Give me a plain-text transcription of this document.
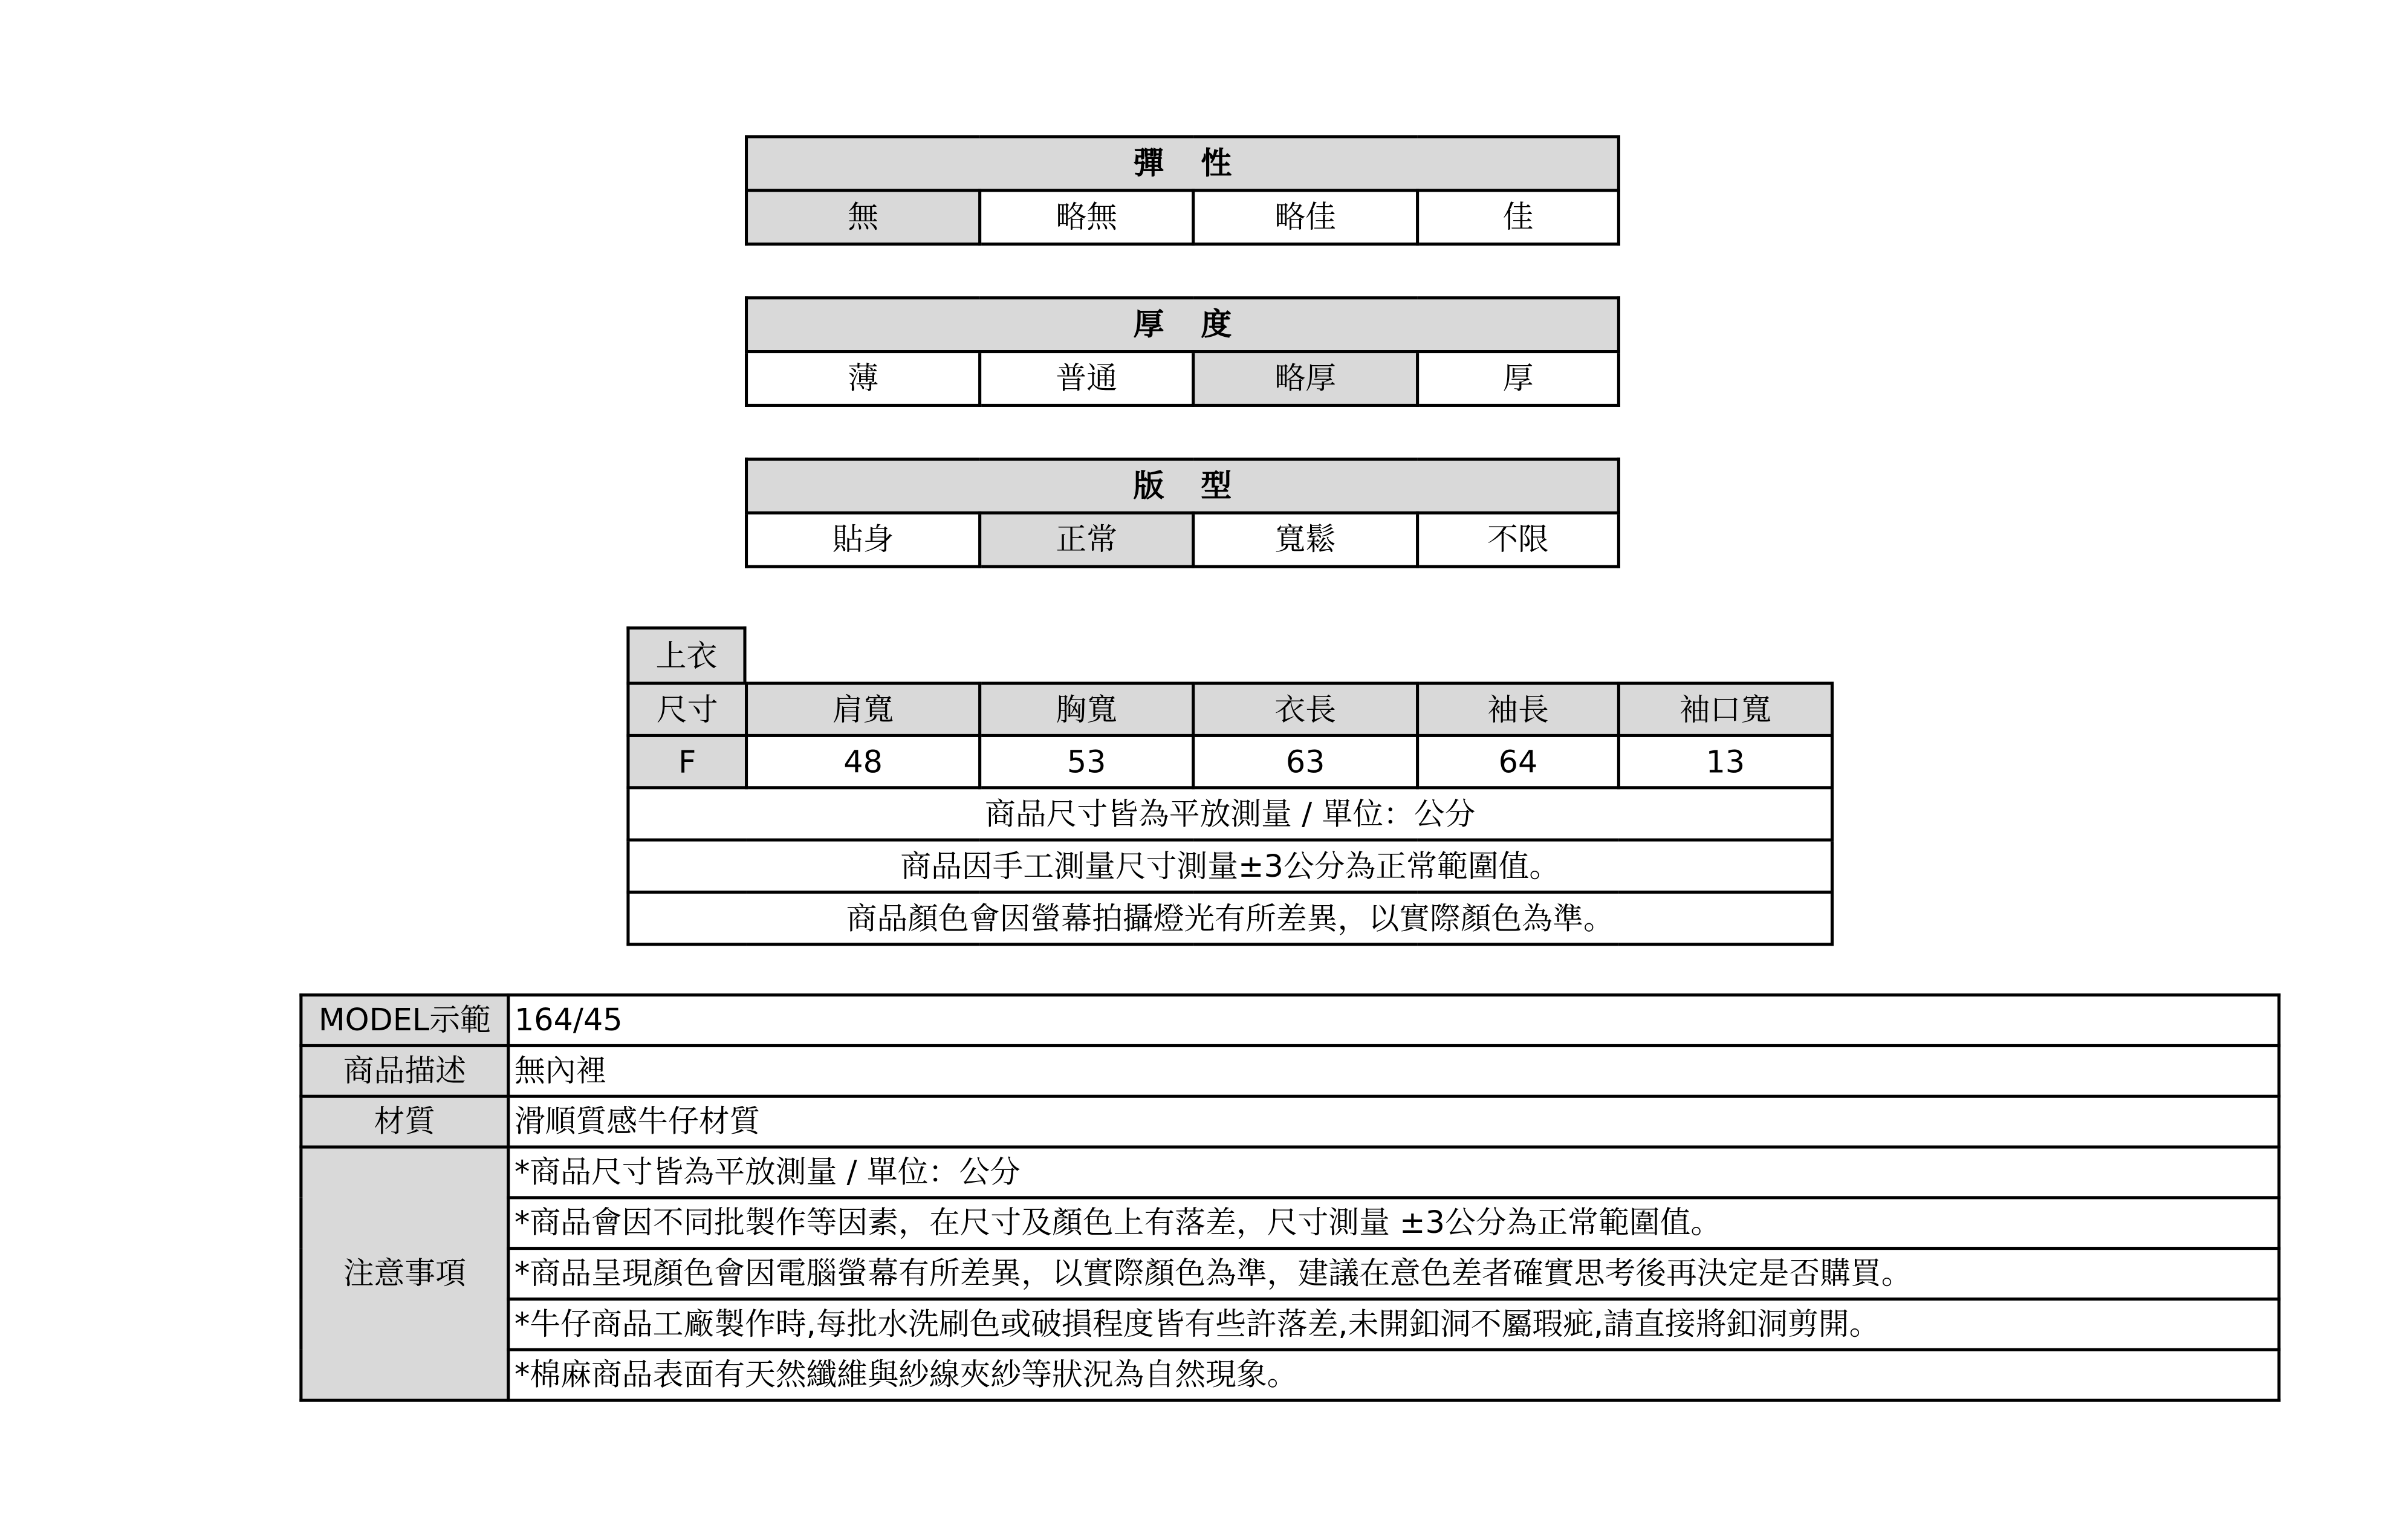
彈性
無	略無	略佳	佳
厚度
薄	普通	略厚	厚
版型
貼身	正常	寬鬆	不限
上衣
尺寸	肩寬	胸寬	衣長	袖長	袖口寬
F	48	53	63	64	13
商品尺寸皆為平放測量 / 單位：公分					
商品因手工測量尺寸測量±3公分為正常範圍值。					
商品顏色會因螢幕拍攝燈光有所差異，以實際顏色為準。					
MODEL示範	164/45
商品描述	無內裡
材質	滑順質感牛仔材質
注意事項	*商品尺寸皆為平放測量 / 單位：公分
	*商品會因不同批製作等因素，在尺寸及顏色上有落差，尺寸測量 ±3公分為正常範圍值。
	*商品呈現顏色會因電腦螢幕有所差異，以實際顏色為準，建議在意色差者確實思考後再決定是否購買。
	*牛仔商品工廠製作時,每批水洗刷色或破損程度皆有些許落差,未開釦洞不屬瑕疵,請直接將釦洞剪開。
	*棉麻商品表面有天然纖維與紗線夾紗等狀況為自然現象。
